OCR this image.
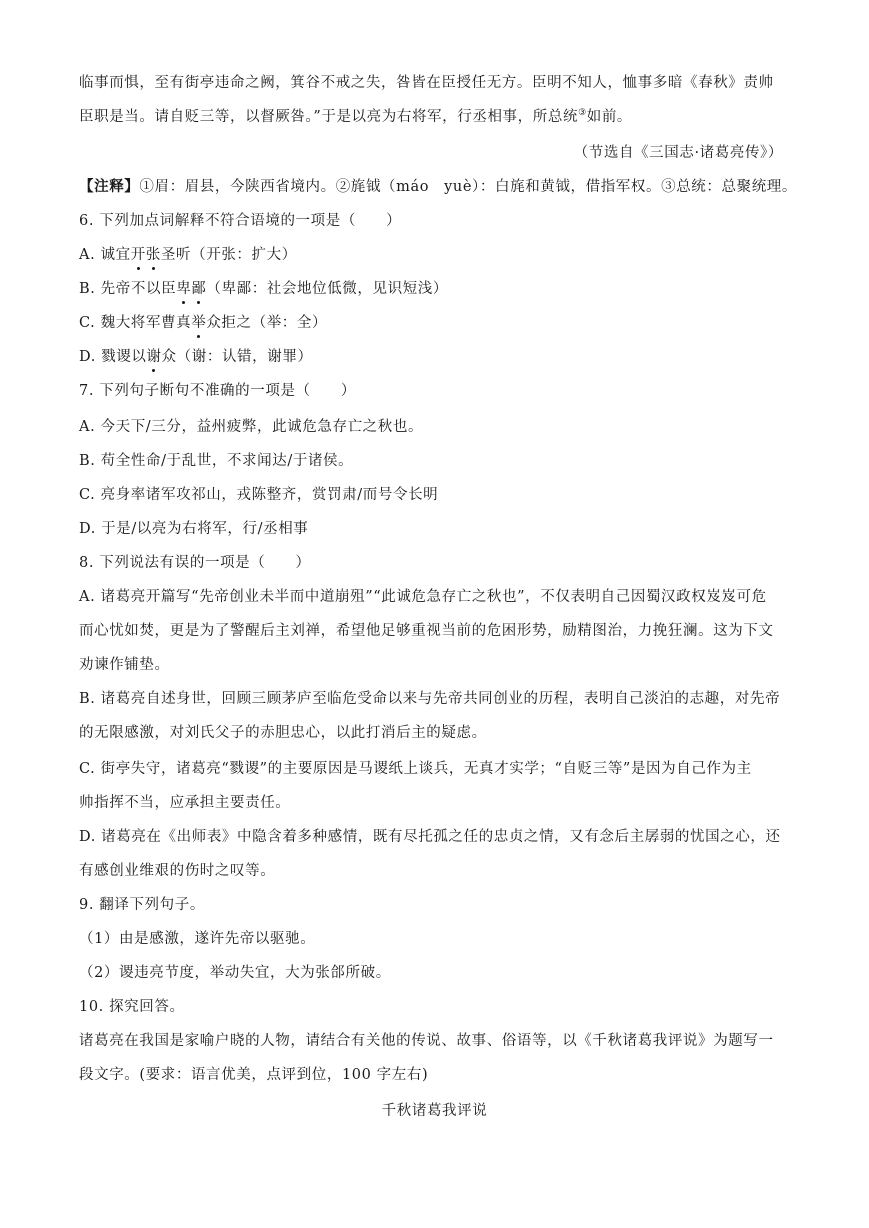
临事而惧，至有街亭违命之阙，箕谷不戒之失，咎皆在臣授任无方。臣明不知人，恤事多暗《春秋》责帅
臣职是当。请自贬三等，以督厥咎。”于是以亮为右将军，行丞相事，所总统③如前。
（节选自《三国志·诸葛亮传》）
【注释】①眉：眉县，今陕西省境内。②旄钺（máo　yuè）：白旄和黄钺，借指军权。③总统：总聚统理。
6. 下列加点词解释不符合语境的一项是（　　）
A. 诚宜开张圣听（开张：扩大）
B. 先帝不以臣卑鄙（卑鄙：社会地位低微，见识短浅）
C. 魏大将军曹真举众拒之（举：全）
D. 戮谡以谢众（谢：认错，谢罪）
7. 下列句子断句不准确的一项是（　　）
A. 今天下/三分，益州疲弊，此诚危急存亡之秋也。
B. 苟全性命/于乱世，不求闻达/于诸侯。
C. 亮身率诸军攻祁山，戎陈整齐，赏罚肃/而号令长明
D. 于是/以亮为右将军，行/丞相事
8. 下列说法有误的一项是（　　）
A. 诸葛亮开篇写“先帝创业未半而中道崩殂”“此诚危急存亡之秋也”，不仅表明自己因蜀汉政权岌岌可危
而心忧如焚，更是为了警醒后主刘禅，希望他足够重视当前的危困形势，励精图治，力挽狂澜。这为下文
劝谏作铺垫。
B. 诸葛亮自述身世，回顾三顾茅庐至临危受命以来与先帝共同创业的历程，表明自己淡泊的志趣，对先帝
的无限感激，对刘氏父子的赤胆忠心，以此打消后主的疑虑。
C. 街亭失守，诸葛亮“戮谡”的主要原因是马谡纸上谈兵，无真才实学；“自贬三等”是因为自己作为主
帅指挥不当，应承担主要责任。
D. 诸葛亮在《出师表》中隐含着多种感情，既有尽托孤之任的忠贞之情，又有念后主孱弱的忧国之心，还
有感创业维艰的伤时之叹等。
9. 翻译下列句子。
（1）由是感激，遂许先帝以驱驰。
（2）谡违亮节度，举动失宜，大为张郃所破。
10. 探究回答。
诸葛亮在我国是家喻户晓的人物，请结合有关他的传说、故事、俗语等，以《千秋诸葛我评说》为题写一
段文字。(要求：语言优美，点评到位，100 字左右)
千秋诸葛我评说
